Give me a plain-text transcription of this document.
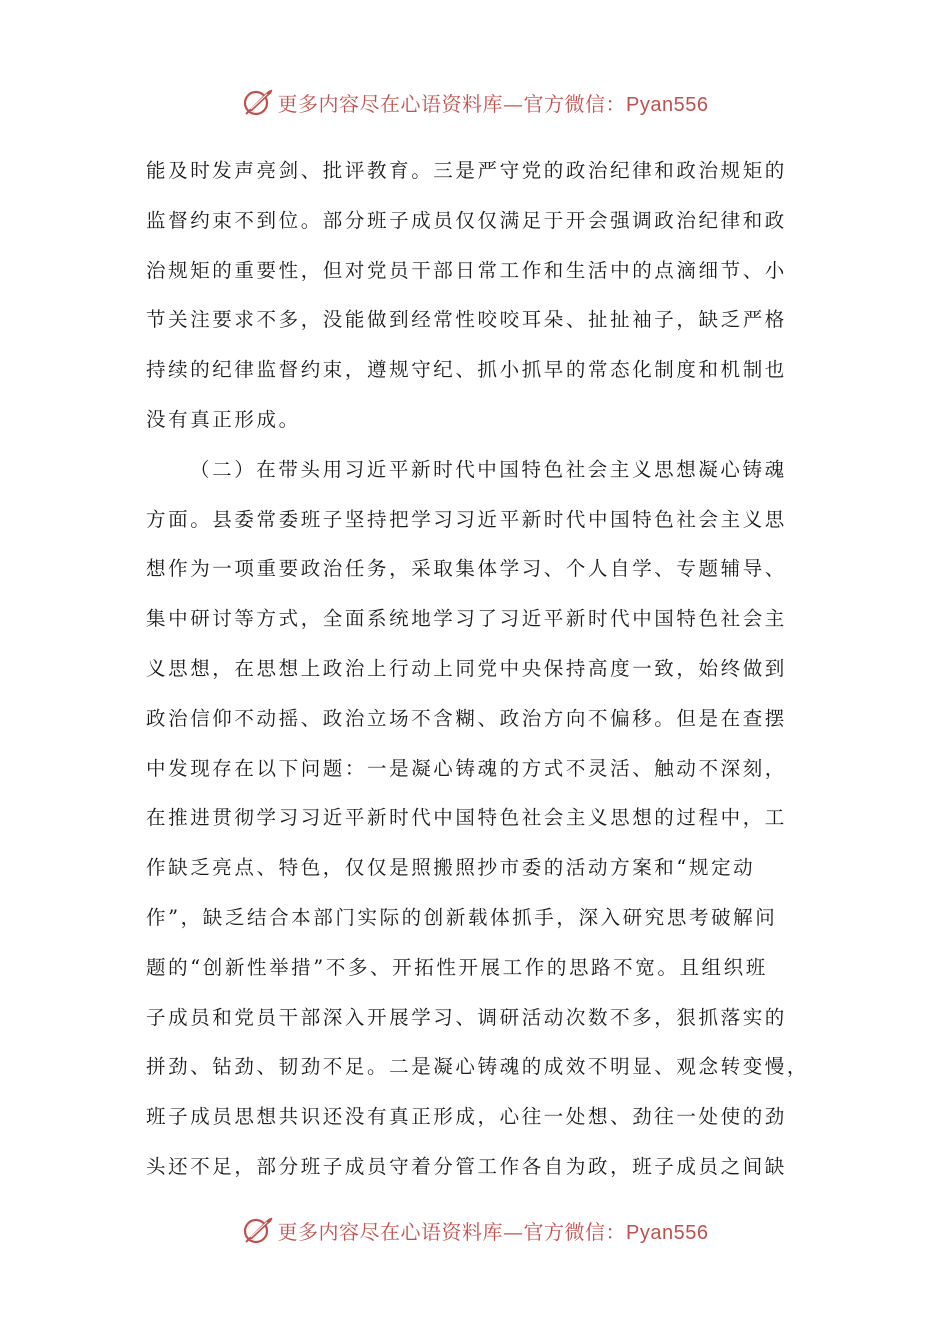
更多内容尽在心语资料库—官方微信：Pyan556
能及时发声亮剑、批评教育。三是严守党的政治纪律和政治规矩的
监督约束不到位。部分班子成员仅仅满足于开会强调政治纪律和政
治规矩的重要性，但对党员干部日常工作和生活中的点滴细节、小
节关注要求不多，没能做到经常性咬咬耳朵、扯扯袖子，缺乏严格
持续的纪律监督约束，遵规守纪、抓小抓早的常态化制度和机制也
没有真正形成。
（二）在带头用习近平新时代中国特色社会主义思想凝心铸魂
方面。县委常委班子坚持把学习习近平新时代中国特色社会主义思
想作为一项重要政治任务，采取集体学习、个人自学、专题辅导、
集中研讨等方式，全面系统地学习了习近平新时代中国特色社会主
义思想，在思想上政治上行动上同党中央保持高度一致，始终做到
政治信仰不动摇、政治立场不含糊、政治方向不偏移。但是在查摆
中发现存在以下问题：一是凝心铸魂的方式不灵活、触动不深刻，
在推进贯彻学习习近平新时代中国特色社会主义思想的过程中，工
作缺乏亮点、特色，仅仅是照搬照抄市委的活动方案和“规定动
作”，缺乏结合本部门实际的创新载体抓手，深入研究思考破解问
题的“创新性举措”不多、开拓性开展工作的思路不宽。且组织班
子成员和党员干部深入开展学习、调研活动次数不多，狠抓落实的
拼劲、钻劲、韧劲不足。二是凝心铸魂的成效不明显、观念转变慢，
班子成员思想共识还没有真正形成，心往一处想、劲往一处使的劲
头还不足，部分班子成员守着分管工作各自为政，班子成员之间缺
更多内容尽在心语资料库—官方微信：Pyan556
